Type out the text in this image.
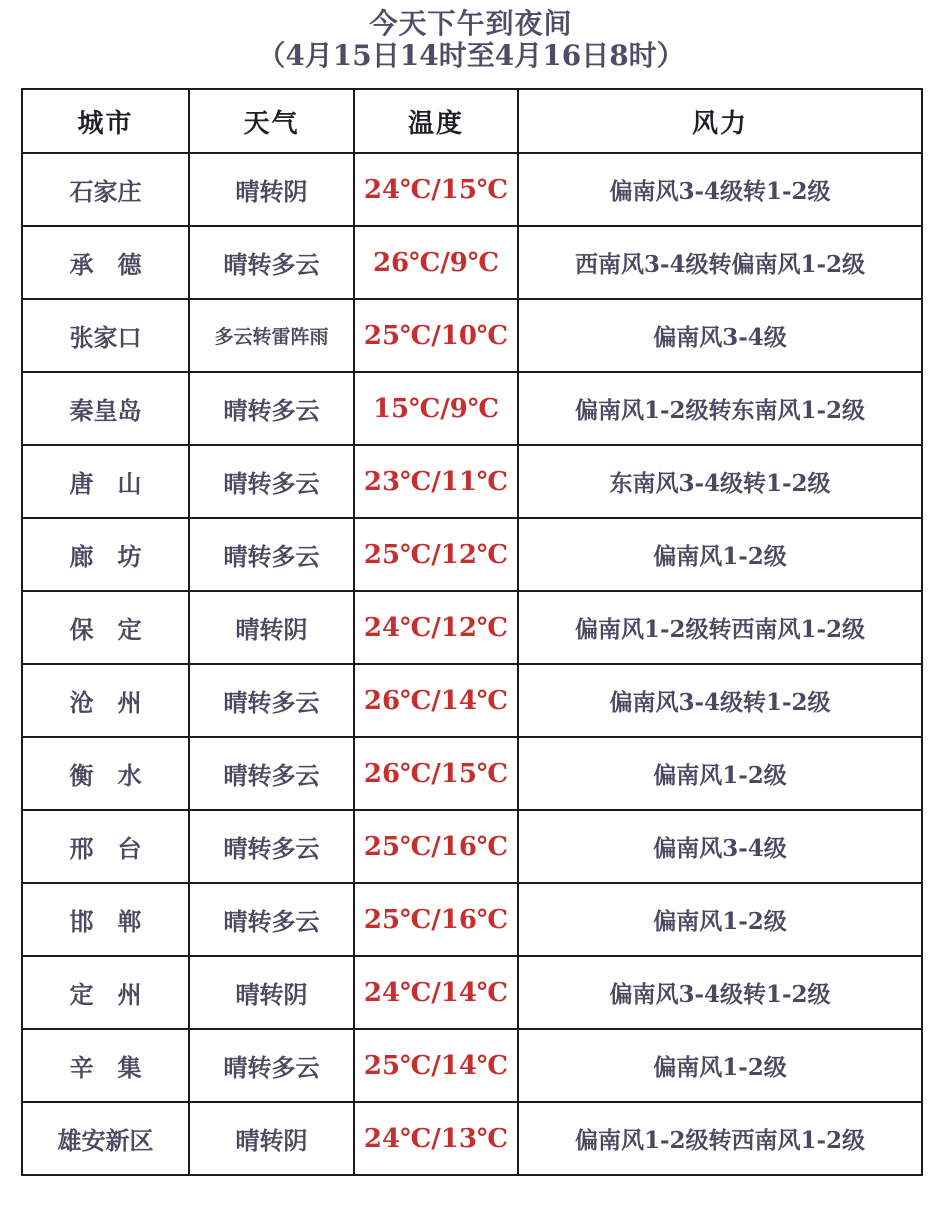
今天下午到夜间
（4月15日14时至4月16日8时）
城市	天气	温度	风力
石家庄	晴转阴	24℃/15℃	偏南风3-4级转1-2级
承　德	晴转多云	26℃/9℃	西南风3-4级转偏南风1-2级
张家口	多云转雷阵雨	25℃/10℃	偏南风3-4级
秦皇岛	晴转多云	15℃/9℃	偏南风1-2级转东南风1-2级
唐　山	晴转多云	23℃/11℃	东南风3-4级转1-2级
廊　坊	晴转多云	25℃/12℃	偏南风1-2级
保　定	晴转阴	24℃/12℃	偏南风1-2级转西南风1-2级
沧　州	晴转多云	26℃/14℃	偏南风3-4级转1-2级
衡　水	晴转多云	26℃/15℃	偏南风1-2级
邢　台	晴转多云	25℃/16℃	偏南风3-4级
邯　郸	晴转多云	25℃/16℃	偏南风1-2级
定　州	晴转阴	24℃/14℃	偏南风3-4级转1-2级
辛　集	晴转多云	25℃/14℃	偏南风1-2级
雄安新区	晴转阴	24℃/13℃	偏南风1-2级转西南风1-2级
